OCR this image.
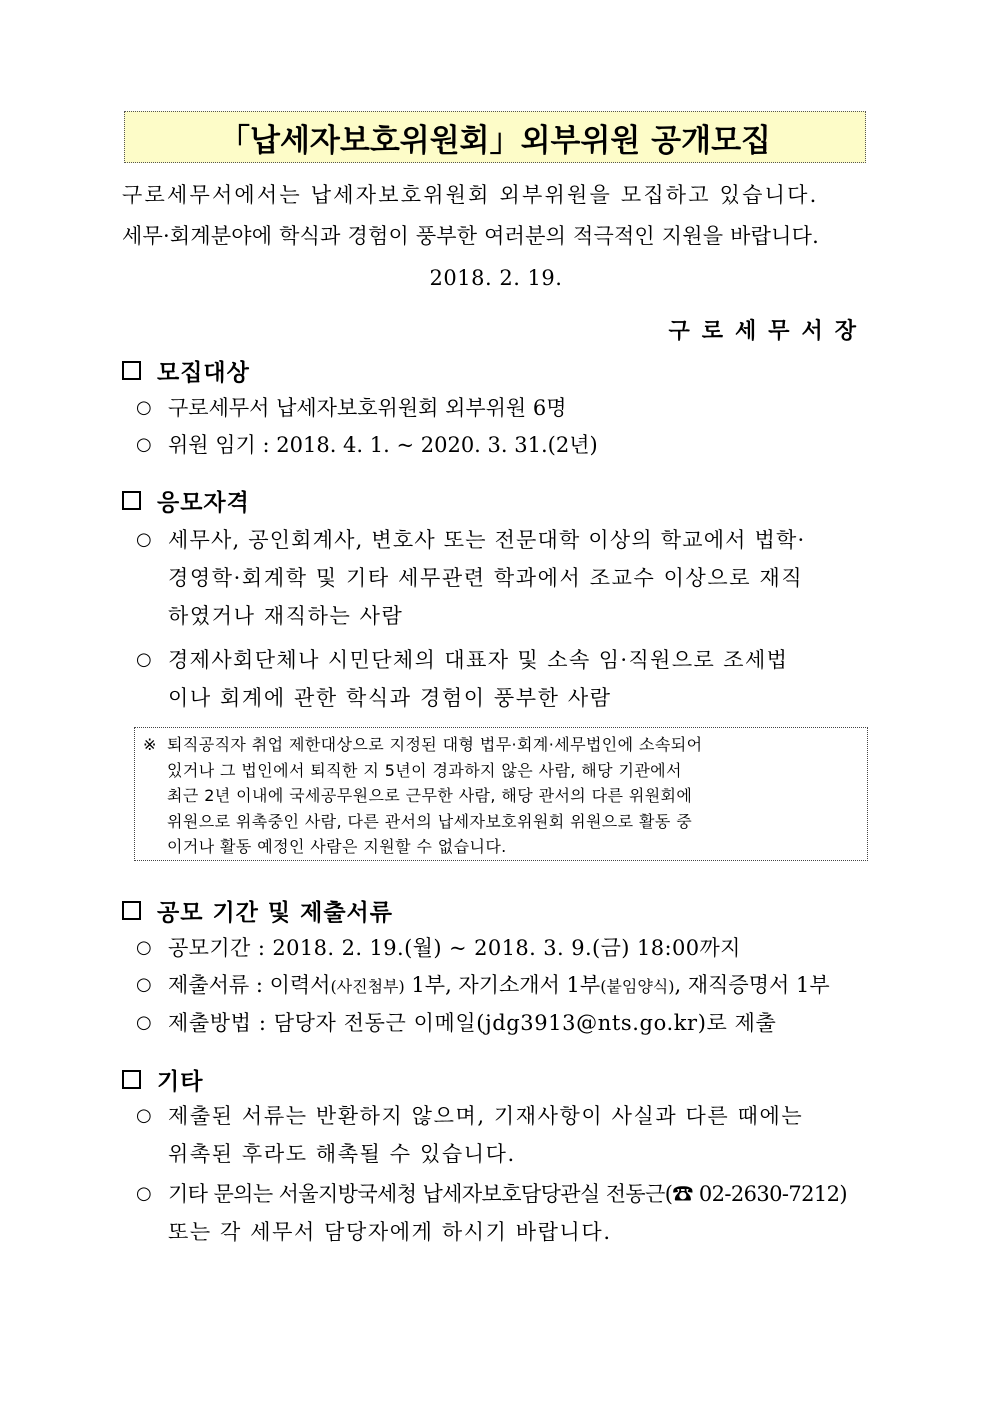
「납세자보호위원회」외부위원 공개모집
구로세무서에서는 납세자보호위원회 외부위원을 모집하고 있습니다.
세무·회계분야에 학식과 경험이 풍부한 여러분의 적극적인 지원을 바랍니다.
2018. 2. 19.
구로세무서장
모집대상
○ 구로세무서 납세자보호위원회 외부위원 6명
○ 위원 임기 : 2018. 4. 1. ~ 2020. 3. 31.(2년)
응모자격
○ 세무사, 공인회계사, 변호사 또는 전문대학 이상의 학교에서 법학·
경영학·회계학 및 기타 세무관련 학과에서 조교수 이상으로 재직
하였거나 재직하는 사람
○ 경제사회단체나 시민단체의 대표자 및 소속 임·직원으로 조세법
이나 회계에 관한 학식과 경험이 풍부한 사람
※ 퇴직공직자 취업 제한대상으로 지정된 대형 법무·회계·세무법인에 소속되어
있거나 그 법인에서 퇴직한 지 5년이 경과하지 않은 사람, 해당 기관에서
최근 2년 이내에 국세공무원으로 근무한 사람, 해당 관서의 다른 위원회에
위원으로 위촉중인 사람, 다른 관서의 납세자보호위원회 위원으로 활동 중
이거나 활동 예정인 사람은 지원할 수 없습니다.
공모 기간 및 제출서류
○ 공모기간 : 2018. 2. 19.(월) ~ 2018. 3. 9.(금) 18:00까지
○ 제출서류 : 이력서(사진첨부) 1부, 자기소개서 1부(붙임양식), 재직증명서 1부
○ 제출방법 : 담당자 전동근 이메일(jdg3913@nts.go.kr)로 제출
기타
○ 제출된 서류는 반환하지 않으며, 기재사항이 사실과 다른 때에는
위촉된 후라도 해촉될 수 있습니다.
○ 기타 문의는 서울지방국세청 납세자보호담당관실 전동근(☎ 02-2630-7212)
또는 각 세무서 담당자에게 하시기 바랍니다.
